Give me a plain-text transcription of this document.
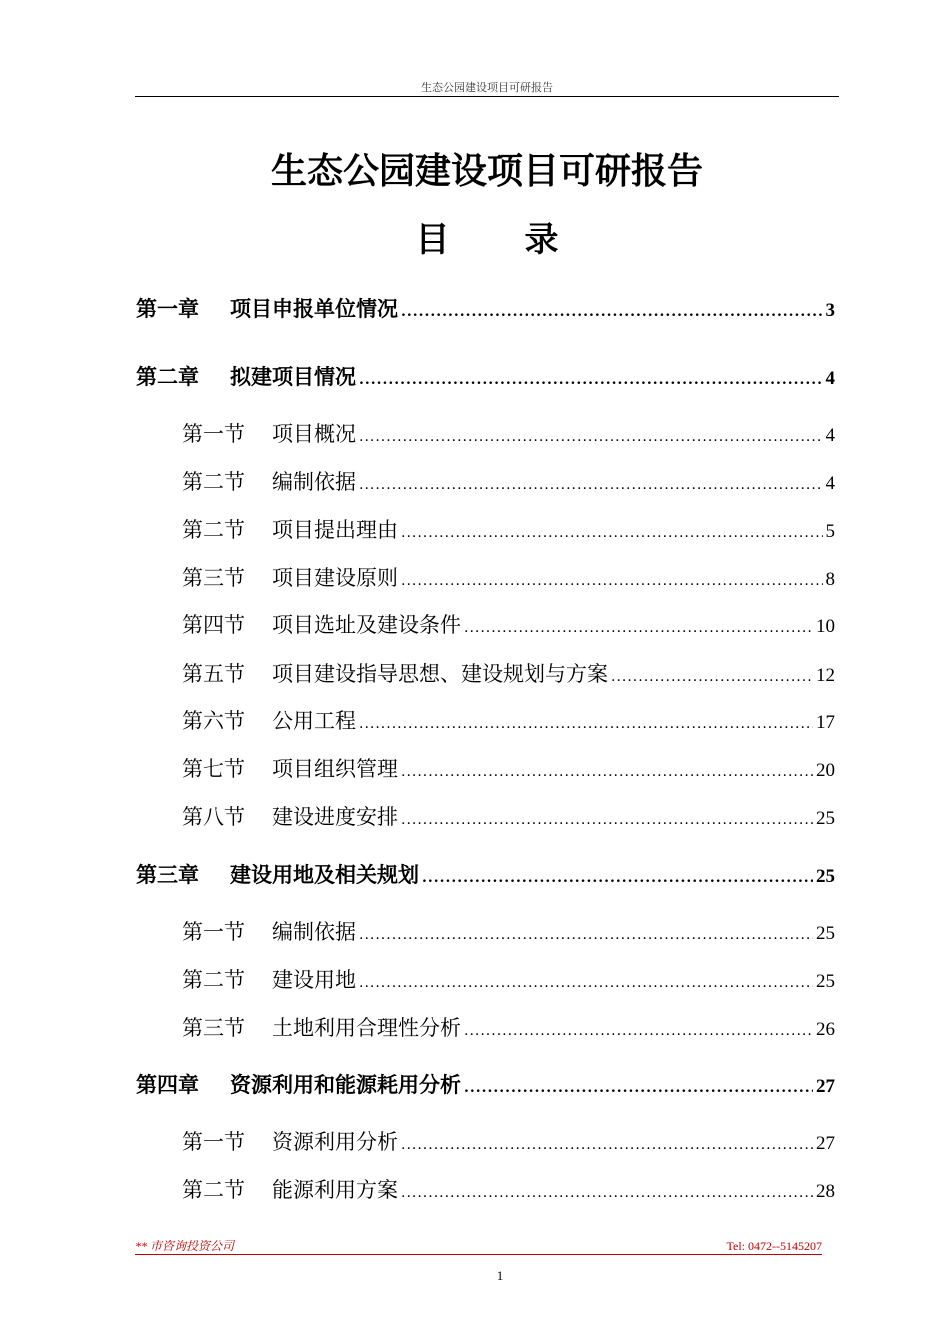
生态公园建设项目可研报告
生态公园建设项目可研报告
目 录
第一章	项目申报单位情况 .....	3
第二章	拟建项目情况 .....	4
第一节	项目概况 .....	4
第二节	编制依据 .....	4
第二节	项目提出理由 .....	5
第三节	项目建设原则 .....	8
第四节	项目选址及建设条件 .....	10
第五节	项目建设指导思想、建设规划与方案 .....	12
第六节	公用工程 .....	17
第七节	项目组织管理 .....	20
第八节	建设进度安排 .....	25
第三章	建设用地及相关规划 .....	25
第一节	编制依据 .....	25
第二节	建设用地 .....	25
第三节	土地利用合理性分析 .....	26
第四章	资源利用和能源耗用分析 .....	27
第一节	资源利用分析 .....	27
第二节	能源利用方案 .....	28
** 市咨询投资公司	Tel: 0472--5145207
1
